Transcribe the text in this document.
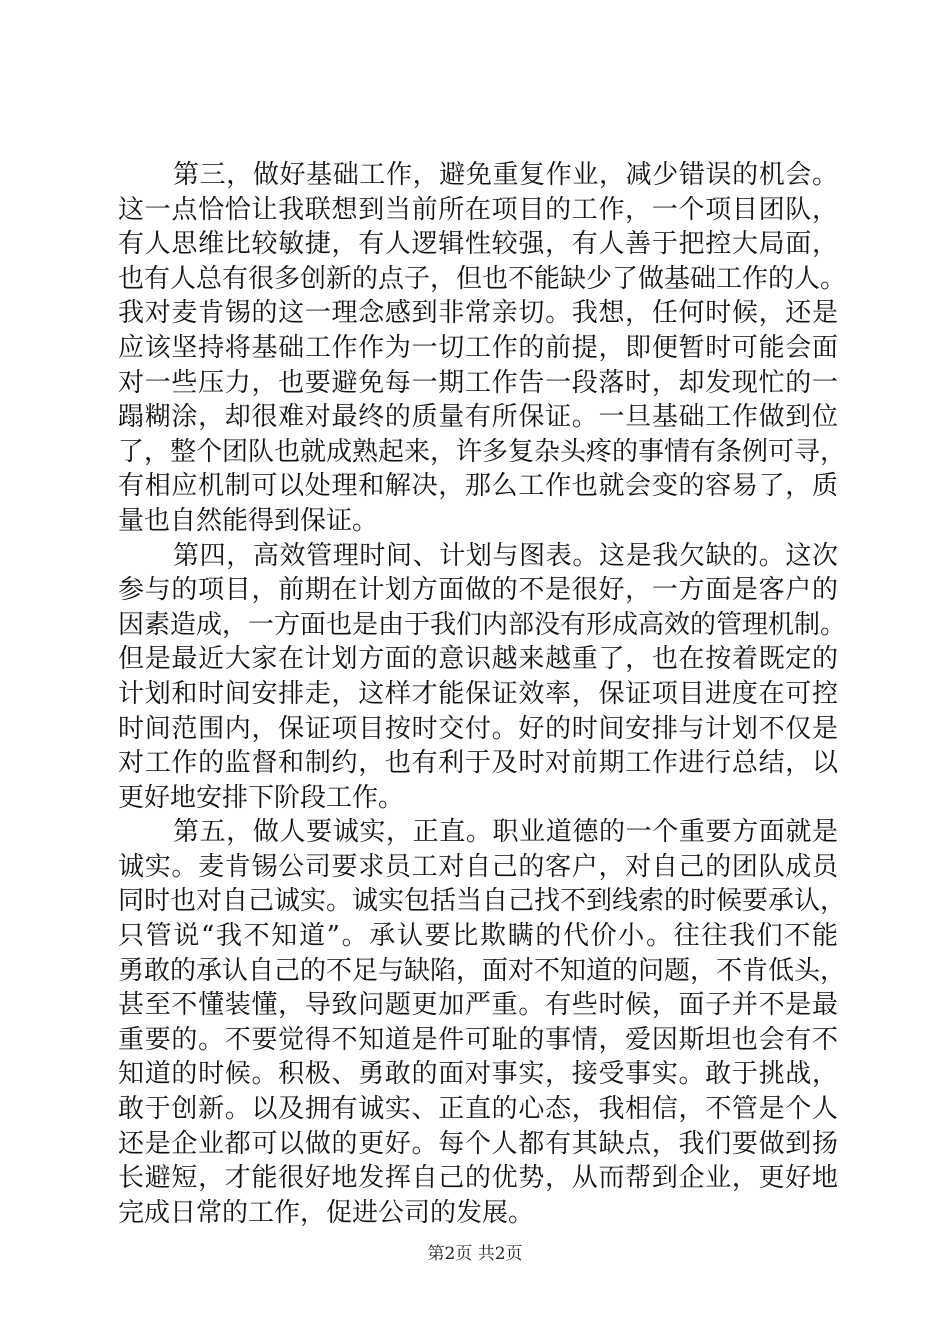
第三，做好基础工作，避免重复作业，减少错误的机会。
这一点恰恰让我联想到当前所在项目的工作，一个项目团队，
有人思维比较敏捷，有人逻辑性较强，有人善于把控大局面，
也有人总有很多创新的点子，但也不能缺少了做基础工作的人。
我对麦肯锡的这一理念感到非常亲切。我想，任何时候，还是
应该坚持将基础工作作为一切工作的前提，即便暂时可能会面
对一些压力，也要避免每一期工作告一段落时，却发现忙的一
蹋糊涂，却很难对最终的质量有所保证。一旦基础工作做到位
了，整个团队也就成熟起来，许多复杂头疼的事情有条例可寻，
有相应机制可以处理和解决，那么工作也就会变的容易了，质
量也自然能得到保证。
第四，高效管理时间、计划与图表。这是我欠缺的。这次
参与的项目，前期在计划方面做的不是很好，一方面是客户的
因素造成，一方面也是由于我们内部没有形成高效的管理机制。
但是最近大家在计划方面的意识越来越重了，也在按着既定的
计划和时间安排走，这样才能保证效率，保证项目进度在可控
时间范围内，保证项目按时交付。好的时间安排与计划不仅是
对工作的监督和制约，也有利于及时对前期工作进行总结，以
更好地安排下阶段工作。
第五，做人要诚实，正直。职业道德的一个重要方面就是
诚实。麦肯锡公司要求员工对自己的客户，对自己的团队成员
同时也对自己诚实。诚实包括当自己找不到线索的时候要承认，
只管说“我不知道”。承认要比欺瞒的代价小。往往我们不能
勇敢的承认自己的不足与缺陷，面对不知道的问题，不肯低头，
甚至不懂装懂，导致问题更加严重。有些时候，面子并不是最
重要的。不要觉得不知道是件可耻的事情，爱因斯坦也会有不
知道的时候。积极、勇敢的面对事实，接受事实。敢于挑战，
敢于创新。以及拥有诚实、正直的心态，我相信，不管是个人
还是企业都可以做的更好。每个人都有其缺点，我们要做到扬
长避短，才能很好地发挥自己的优势，从而帮到企业，更好地
完成日常的工作，促进公司的发展。
第2页 共2页
